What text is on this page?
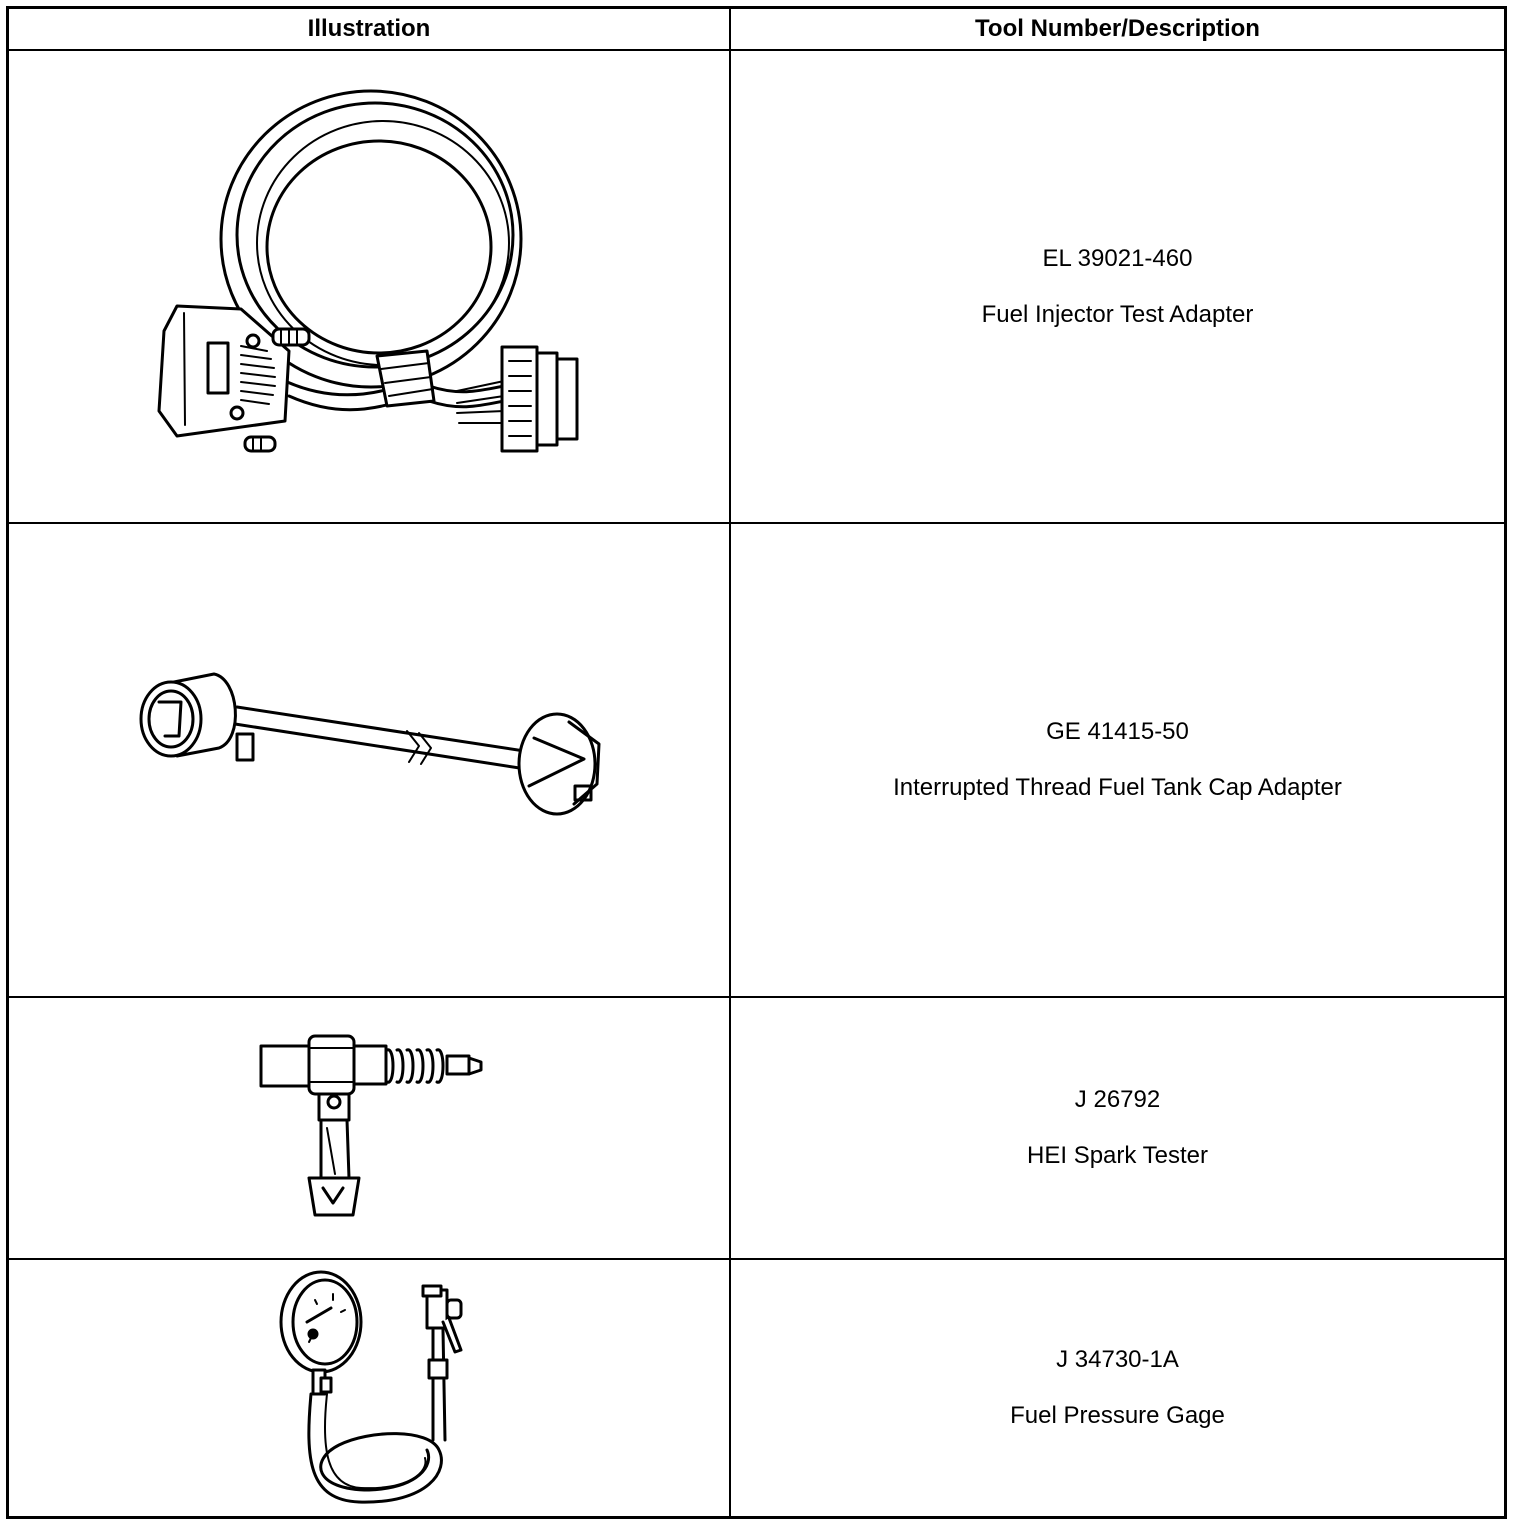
Illustration	Tool Number/Description
EL 39021-460
Fuel Injector Test Adapter
GE 41415-50
Interrupted Thread Fuel Tank Cap Adapter
J 26792
HEI Spark Tester
J 34730-1A
Fuel Pressure Gage
